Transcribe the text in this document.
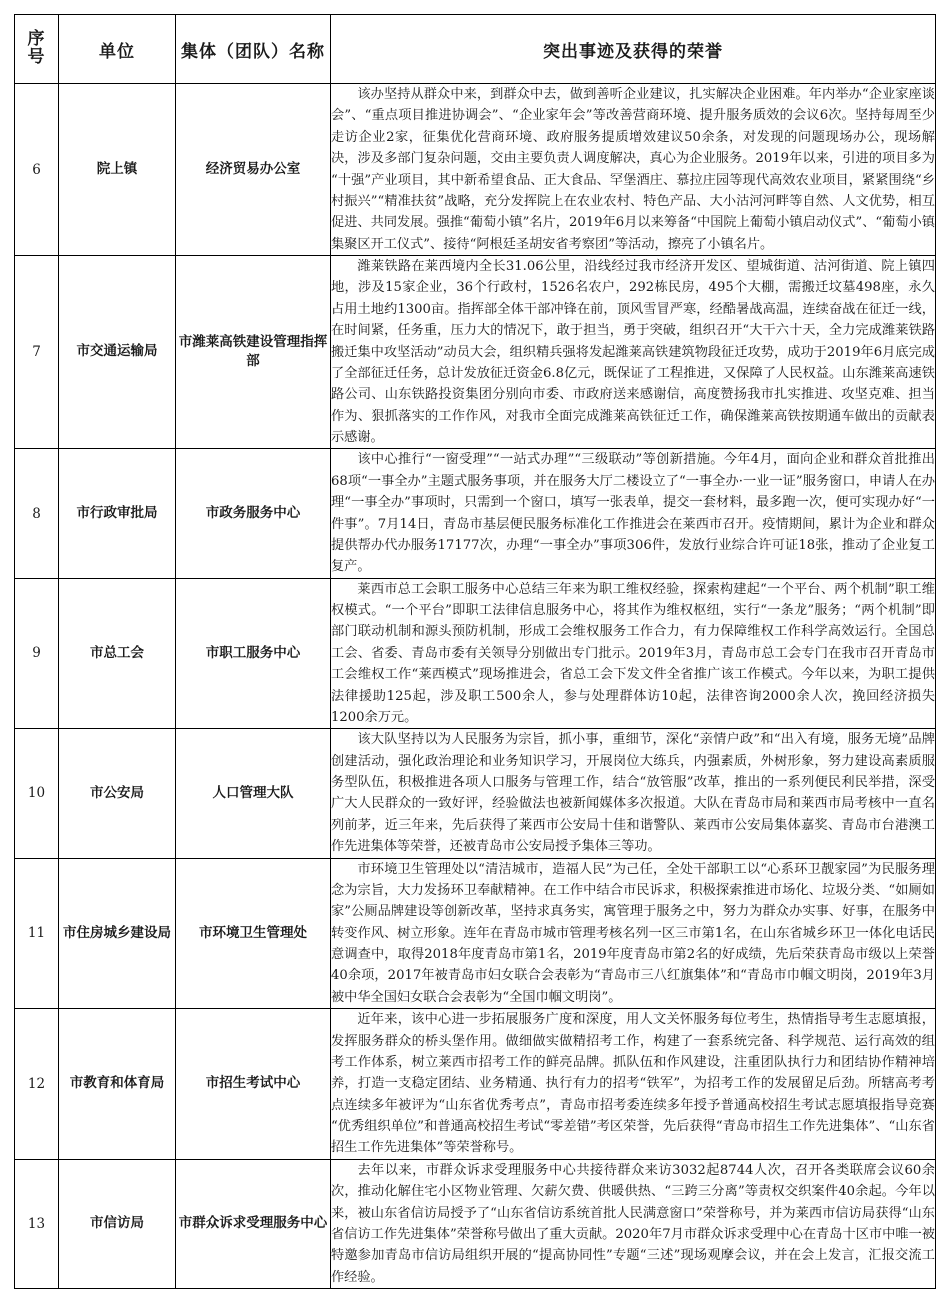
序
号	单位	集体（团队）名称	突出事迹及获得的荣誉
6	院上镇	经济贸易办公室	该办坚持从群众中来，到群众中去，做到善听企业建议，扎实解决企业困难。年内举办“企业家座谈会”、“重点项目推进协调会”、“企业家年会”等改善营商环境、提升服务质效的会议6次。坚持每周至少走访企业2家，征集优化营商环境、政府服务提质增效建议50余条，对发现的问题现场办公，现场解决，涉及多部门复杂问题，交由主要负责人调度解决，真心为企业服务。2019年以来，引进的项目多为“十强”产业项目，其中新希望食品、正大食品、罕堡酒庄、慕拉庄园等现代高效农业项目，紧紧围绕“乡村振兴”“精准扶贫”战略，充分发挥院上在农业农村、特色产品、大小沽河河畔等自然、人文优势，相互促进、共同发展。强推“葡萄小镇”名片，2019年6月以来筹备“中国院上葡萄小镇启动仪式”、“葡萄小镇集聚区开工仪式”、接待“阿根廷圣胡安省考察团”等活动，擦亮了小镇名片。

7	市交通运输局	市潍莱高铁建设管理指挥部	潍莱铁路在莱西境内全长31.06公里，沿线经过我市经济开发区、望城街道、沽河街道、院上镇四地，涉及15家企业，36个行政村，1526名农户，292栋民房，495个大棚，需搬迁坟墓498座，永久占用土地约1300亩。指挥部全体干部冲锋在前，顶风雪冒严寒，经酷暑战高温，连续奋战在征迁一线，在时间紧，任务重，压力大的情况下，敢于担当，勇于突破，组织召开“大干六十天，全力完成潍莱铁路搬迁集中攻坚活动”动员大会，组织精兵强将发起潍莱高铁建筑物段征迁攻势，成功于2019年6月底完成了全部征迁任务，总计发放征迁资金6.8亿元，既保证了工程推进，又保障了人民权益。山东潍莱高速铁路公司、山东铁路投资集团分别向市委、市政府送来感谢信，高度赞扬我市扎实推进、攻坚克难、担当作为、狠抓落实的工作作风，对我市全面完成潍莱高铁征迁工作，确保潍莱高铁按期通车做出的贡献表示感谢。

8	市行政审批局	市政务服务中心	该中心推行“一窗受理”“一站式办理”“三级联动”等创新措施。今年4月，面向企业和群众首批推出68项“一事全办”主题式服务事项，并在服务大厅二楼设立了“一事全办·一业一证”服务窗口，申请人在办理“一事全办”事项时，只需到一个窗口，填写一张表单，提交一套材料，最多跑一次，便可实现办好“一件事”。7月14日，青岛市基层便民服务标准化工作推进会在莱西市召开。疫情期间，累计为企业和群众提供帮办代办服务17177次，办理“一事全办”事项306件，发放行业综合许可证18张，推动了企业复工复产。

9	市总工会	市职工服务中心	莱西市总工会职工服务中心总结三年来为职工维权经验，探索构建起“一个平台、两个机制”职工维权模式。“一个平台”即职工法律信息服务中心，将其作为维权枢纽，实行“一条龙”服务；“两个机制”即部门联动机制和源头预防机制，形成工会维权服务工作合力，有力保障维权工作科学高效运行。全国总工会、省委、青岛市委有关领导分别做出专门批示。2019年3月，青岛市总工会专门在我市召开青岛市工会维权工作“莱西模式”现场推进会，省总工会下发文件全省推广该工作模式。今年以来，为职工提供法律援助125起，涉及职工500余人，参与处理群体访10起，法律咨询2000余人次，挽回经济损失1200余万元。

10	市公安局	人口管理大队	该大队坚持以为人民服务为宗旨，抓小事，重细节，深化“亲情户政”和“出入有境，服务无境”品牌创建活动，强化政治理论和业务知识学习，开展岗位大练兵，内强素质，外树形象，努力建设高素质服务型队伍，积极推进各项人口服务与管理工作，结合“放管服”改革，推出的一系列便民利民举措，深受广大人民群众的一致好评，经验做法也被新闻媒体多次报道。大队在青岛市局和莱西市局考核中一直名列前茅，近三年来，先后获得了莱西市公安局十佳和谐警队、莱西市公安局集体嘉奖、青岛市台港澳工作先进集体等荣誉，还被青岛市公安局授予集体三等功。

11	市住房城乡建设局	市环境卫生管理处	市环境卫生管理处以“清洁城市，造福人民”为己任，全处干部职工以“心系环卫靓家园”为民服务理念为宗旨，大力发扬环卫奉献精神。在工作中结合市民诉求，积极探索推进市场化、垃圾分类、“如厕如家”公厕品牌建设等创新改革，坚持求真务实，寓管理于服务之中，努力为群众办实事、好事，在服务中转变作风、树立形象。连年在青岛市城市管理考核名列一区三市第1名，在山东省城乡环卫一体化电话民意调查中，取得2018年度青岛市第1名，2019年度青岛市第2名的好成绩，先后荣获青岛市级以上荣誉40余项，2017年被青岛市妇女联合会表彰为“青岛市三八红旗集体”和“青岛市巾帼文明岗，2019年3月被中华全国妇女联合会表彰为“全国巾帼文明岗”。

12	市教育和体育局	市招生考试中心	近年来，该中心进一步拓展服务广度和深度，用人文关怀服务每位考生，热情指导考生志愿填报，发挥服务群众的桥头堡作用。做细做实做精招考工作，构建了一套系统完备、科学规范、运行高效的组考工作体系，树立莱西市招考工作的鲜亮品牌。抓队伍和作风建设，注重团队执行力和团结协作精神培养，打造一支稳定团结、业务精通、执行有力的招考“铁军”，为招考工作的发展留足后劲。所辖高考考点连续多年被评为“山东省优秀考点”，青岛市招考委连续多年授予普通高校招生考试志愿填报指导竞赛“优秀组织单位”和普通高校招生考试“零差错”考区荣誉，先后获得“青岛市招生工作先进集体”、“山东省招生工作先进集体”等荣誉称号。

13	市信访局	市群众诉求受理服务中心	去年以来，市群众诉求受理服务中心共接待群众来访3032起8744人次，召开各类联席会议60余次，推动化解住宅小区物业管理、欠薪欠费、供暖供热、“三跨三分离”等责权交织案件40余起。今年以来，被山东省信访局授予了“山东省信访系统首批人民满意窗口”荣誉称号，并为莱西市信访局获得“山东省信访工作先进集体”荣誉称号做出了重大贡献。2020年7月市群众诉求受理中心在青岛十区市中唯一被特邀参加青岛市信访局组织开展的“提高协同性”专题“三述”现场观摩会议，并在会上发言，汇报交流工作经验。
